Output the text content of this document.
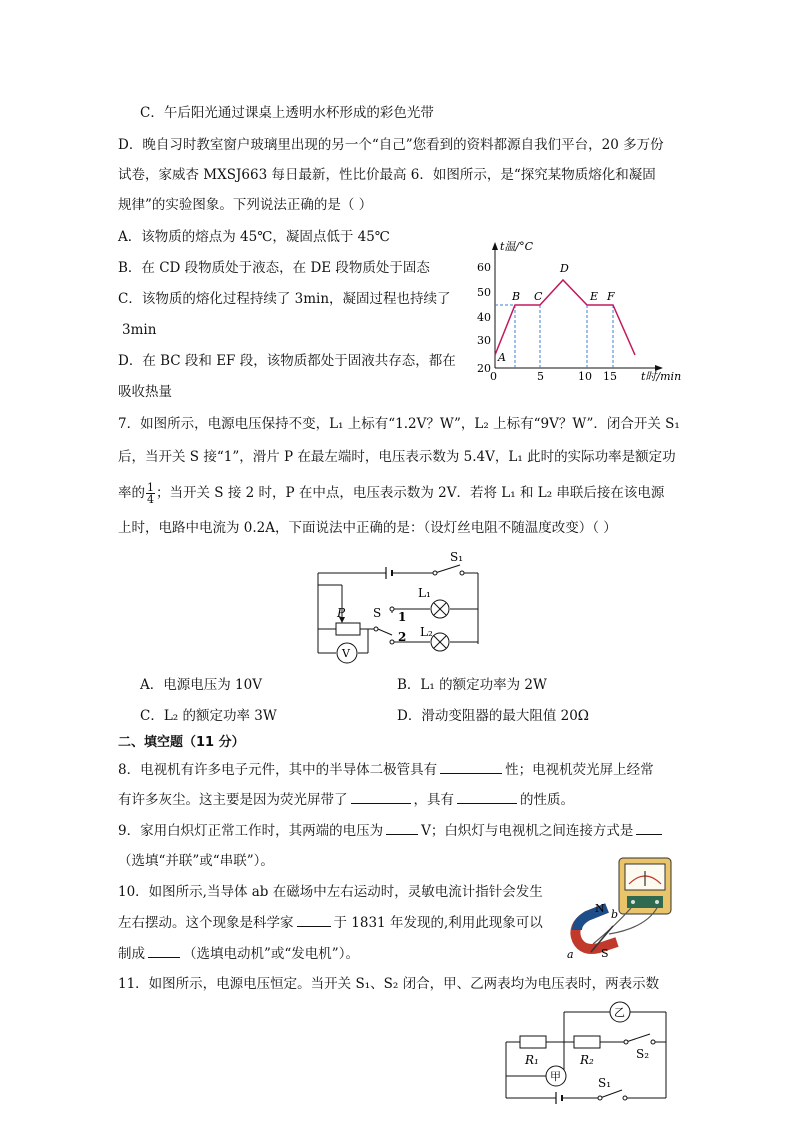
C．午后阳光通过课桌上透明水杯形成的彩色光带
D．晚自习时教室窗户玻璃里出现的另一个“自己”您看到的资料都源自我们平台，20 多万份
试卷，家威杏 MXSJ663 每日最新，性比价最高 6．如图所示，是“探究某物质熔化和凝固
规律”的实验图象。下列说法正确的是（ ）
A．该物质的熔点为 45℃，凝固点低于 45℃
B．在 CD 段物质处于液态，在 DE 段物质处于固态
C．该物质的熔化过程持续了 3min，凝固过程也持续了
3min
D．在 BC 段和 EF 段，该物质都处于固液共存态，都在
吸收热量
t温/°C
t时/min
20
30
40
50
60
0	5	10 15
A
B C
D
E F
7．如图所示，电源电压保持不变，L₁ 上标有“1.2V？W”，L₂ 上标有“9V？W”．闭合开关 S₁
后，当开关 S 接“1”，滑片 P 在最左端时，电压表示数为 5.4V，L₁ 此时的实际功率是额定功
率的 $\frac{1}{4}$ ；当开关 S 接 2 时，P 在中点，电压表示数为 2V．若将 L₁ 和 L₂ 串联后接在该电源
上时，电路中电流为 0.2A，下面说法中正确的是：（设灯丝电阻不随温度改变）（ ）
V
S₁
L₁
L₂
P S 1
2
A．电源电压为 10V	B．L₁ 的额定功率为 2W
C．L₂ 的额定功率 3W	D．滑动变阻器的最大阻值 20Ω
二、填空题（11 分）
8．电视机有许多电子元件，其中的半导体二极管具有	性；电视机荧光屏上经常
有许多灰尘。这主要是因为荧光屏带了	，具有	的性质。
9．家用白炽灯正常工作时，其两端的电压为	V；白炽灯与电视机之间连接方式是
（选填“并联”或“串联”）。
10．如图所示,当导体 ab 在磁场中左右运动时，灵敏电流计指针会发生
左右摆动。这个现象是科学家	于 1831 年发现的,利用此现象可以
制成	（选填电动机”或“发电机”）。
N
S
a
b
11．如图所示，电源电压恒定。当开关 S₁、S₂ 闭合，甲、乙两表均为电压表时，两表示数
乙
甲
R₁	R₂	S₂
S₁
